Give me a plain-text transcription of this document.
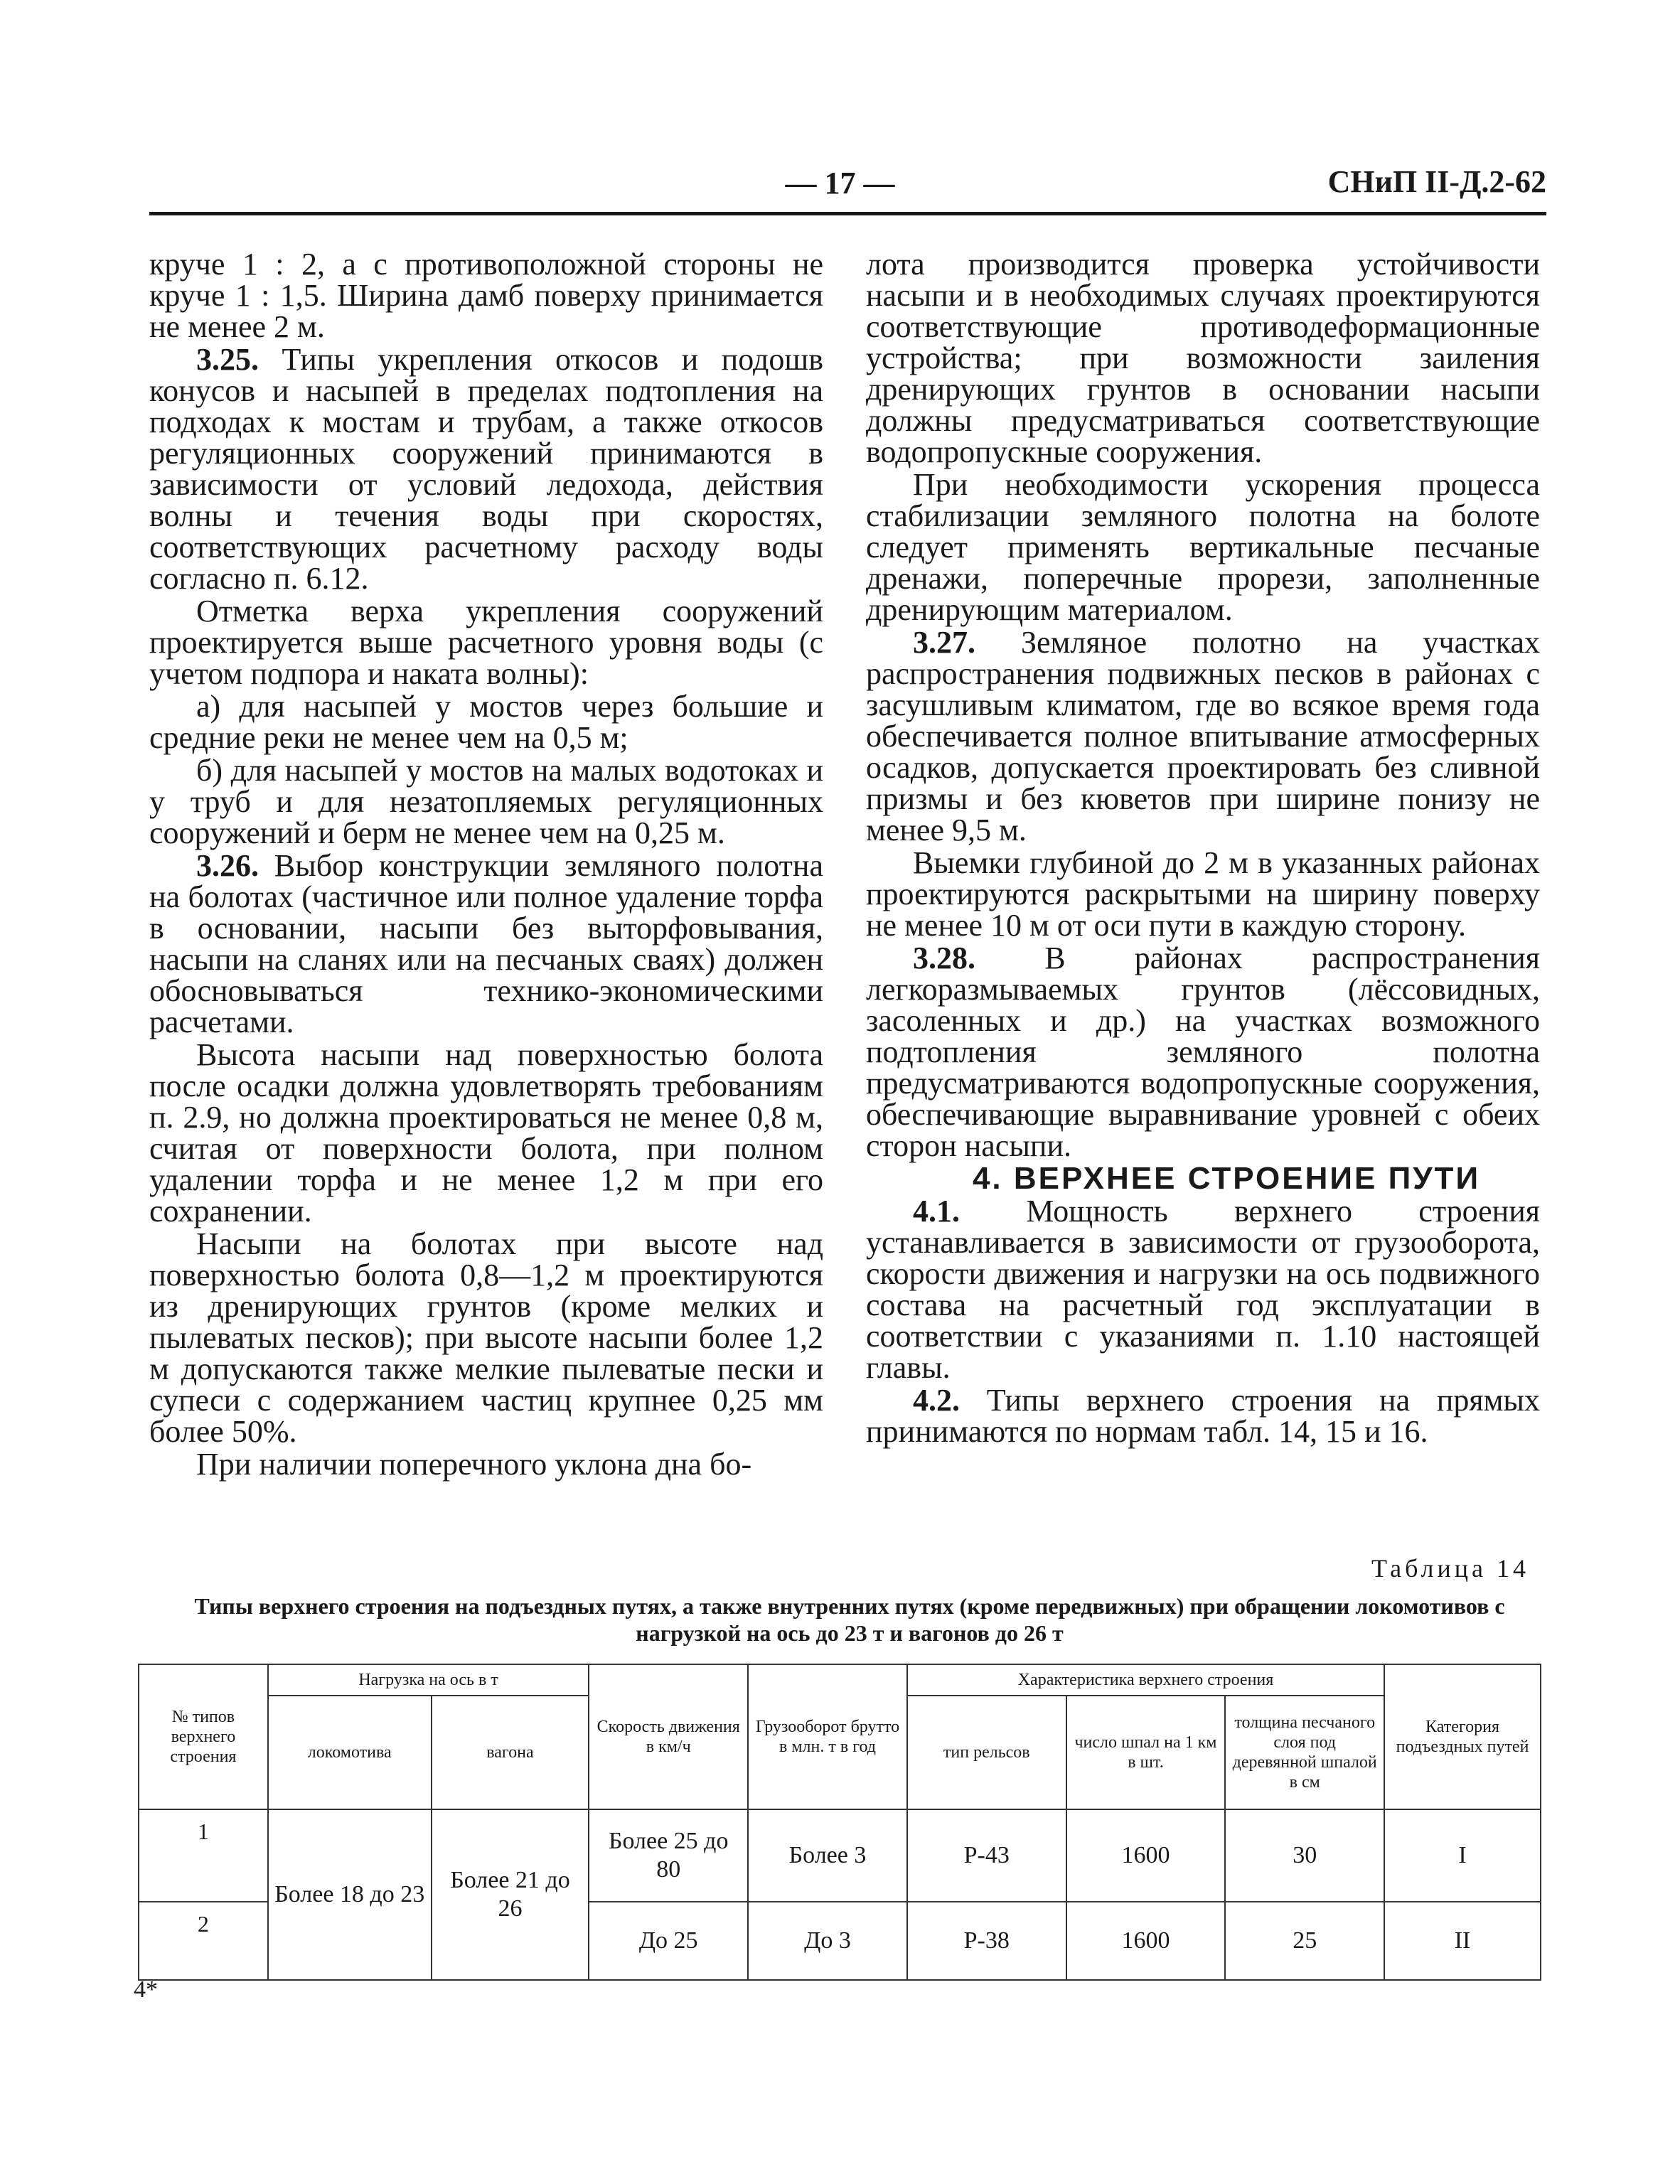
— 17 —	СНиП II-Д.2-62

круче 1 : 2, а с противоположной стороны не круче 1 : 1,5. Ширина дамб поверху принимается не менее 2 м.

3.25. Типы укрепления откосов и подошв конусов и насыпей в пределах подтопления на подходах к мостам и трубам, а также откосов регуляционных сооружений принимаются в зависимости от условий ледохода, действия волны и течения воды при скоростях, соответствующих расчетному расходу воды согласно п. 6.12.

Отметка верха укрепления сооружений проектируется выше расчетного уровня воды (с учетом подпора и наката волны):

а) для насыпей у мостов через большие и средние реки не менее чем на 0,5 м;

б) для насыпей у мостов на малых водотоках и у труб и для незатопляемых регуляционных сооружений и берм не менее чем на 0,25 м.

3.26. Выбор конструкции земляного полотна на болотах (частичное или полное удаление торфа в основании, насыпи без выторфовывания, насыпи на сланях или на песчаных сваях) должен обосновываться технико-экономическими расчетами.

Высота насыпи над поверхностью болота после осадки должна удовлетворять требованиям п. 2.9, но должна проектироваться не менее 0,8 м, считая от поверхности болота, при полном удалении торфа и не менее 1,2 м при его сохранении.

Насыпи на болотах при высоте над поверхностью болота 0,8—1,2 м проектируются из дренирующих грунтов (кроме мелких и пылеватых песков); при высоте насыпи более 1,2 м допускаются также мелкие пылеватые пески и супеси с содержанием частиц крупнее 0,25 мм более 50%.

При наличии поперечного уклона дна бо-

лота производится проверка устойчивости насыпи и в необходимых случаях проектируются соответствующие противодеформационные устройства; при возможности заиления дренирующих грунтов в основании насыпи должны предусматриваться соответствующие водопропускные сооружения.

При необходимости ускорения процесса стабилизации земляного полотна на болоте следует применять вертикальные песчаные дренажи, поперечные прорези, заполненные дренирующим материалом.

3.27. Земляное полотно на участках распространения подвижных песков в районах с засушливым климатом, где во всякое время года обеспечивается полное впитывание атмосферных осадков, допускается проектировать без сливной призмы и без кюветов при ширине понизу не менее 9,5 м.

Выемки глубиной до 2 м в указанных районах проектируются раскрытыми на ширину поверху не менее 10 м от оси пути в каждую сторону.

3.28. В районах распространения легкоразмываемых грунтов (лёссовидных, засоленных и др.) на участках возможного подтопления земляного полотна предусматриваются водопропускные сооружения, обеспечивающие выравнивание уровней с обеих сторон насыпи.

4. ВЕРХНЕЕ СТРОЕНИЕ ПУТИ

4.1. Мощность верхнего строения устанавливается в зависимости от грузооборота, скорости движения и нагрузки на ось подвижного состава на расчетный год эксплуатации в соответствии с указаниями п. 1.10 настоящей главы.

4.2. Типы верхнего строения на прямых принимаются по нормам табл. 14, 15 и 16.

Таблица 14
Типы верхнего строения на подъездных путях, а также внутренних путях (кроме передвижных) при обращении локомотивов с нагрузкой на ось до 23 т и вагонов до 26 т
№ типов верхнего строения	Нагрузка на ось в т		Скорость движения в км/ч	Грузооборот брутто в млн. т в год	Характеристика верхнего строения			Категория подъездных путей
	локомотива	вагона			тип рельсов	число шпал на 1 км в шт.	толщина песчаного слоя под деревянной шпалой в см	
1	Более 18 до 23	Более 21 до 26	Более 25 до 80	Более 3	Р-43	1600	30	I
2			До 25	До 3	Р-38	1600	25	II
4*
